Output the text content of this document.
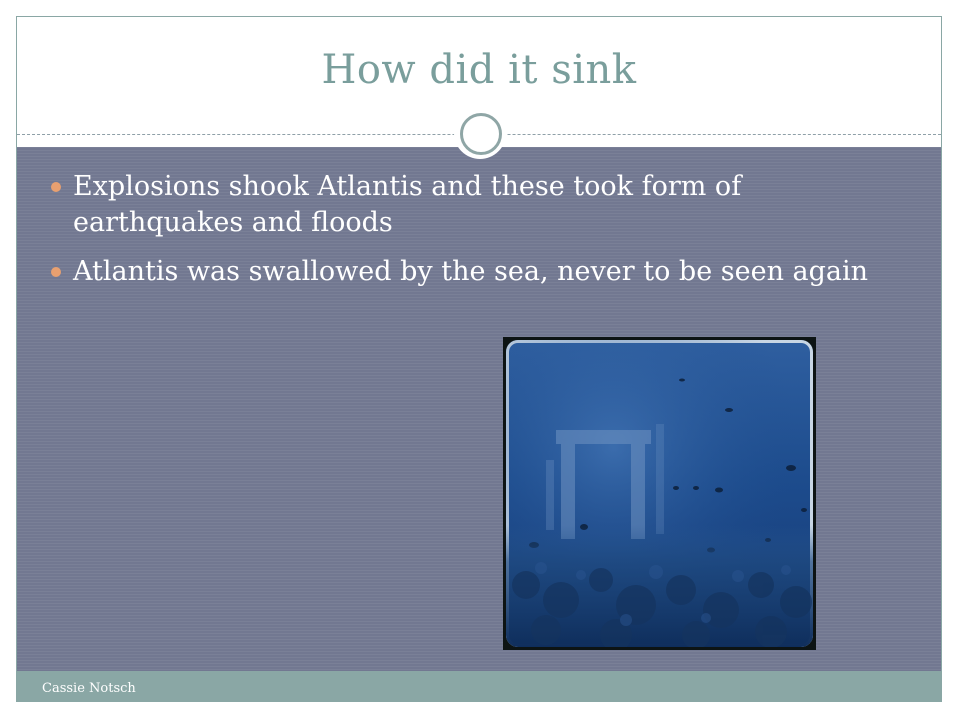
How did it sink
Explosions shook Atlantis and these took form of earthquakes and floods
Atlantis was swallowed by the sea, never to be seen again
Cassie Notsch
